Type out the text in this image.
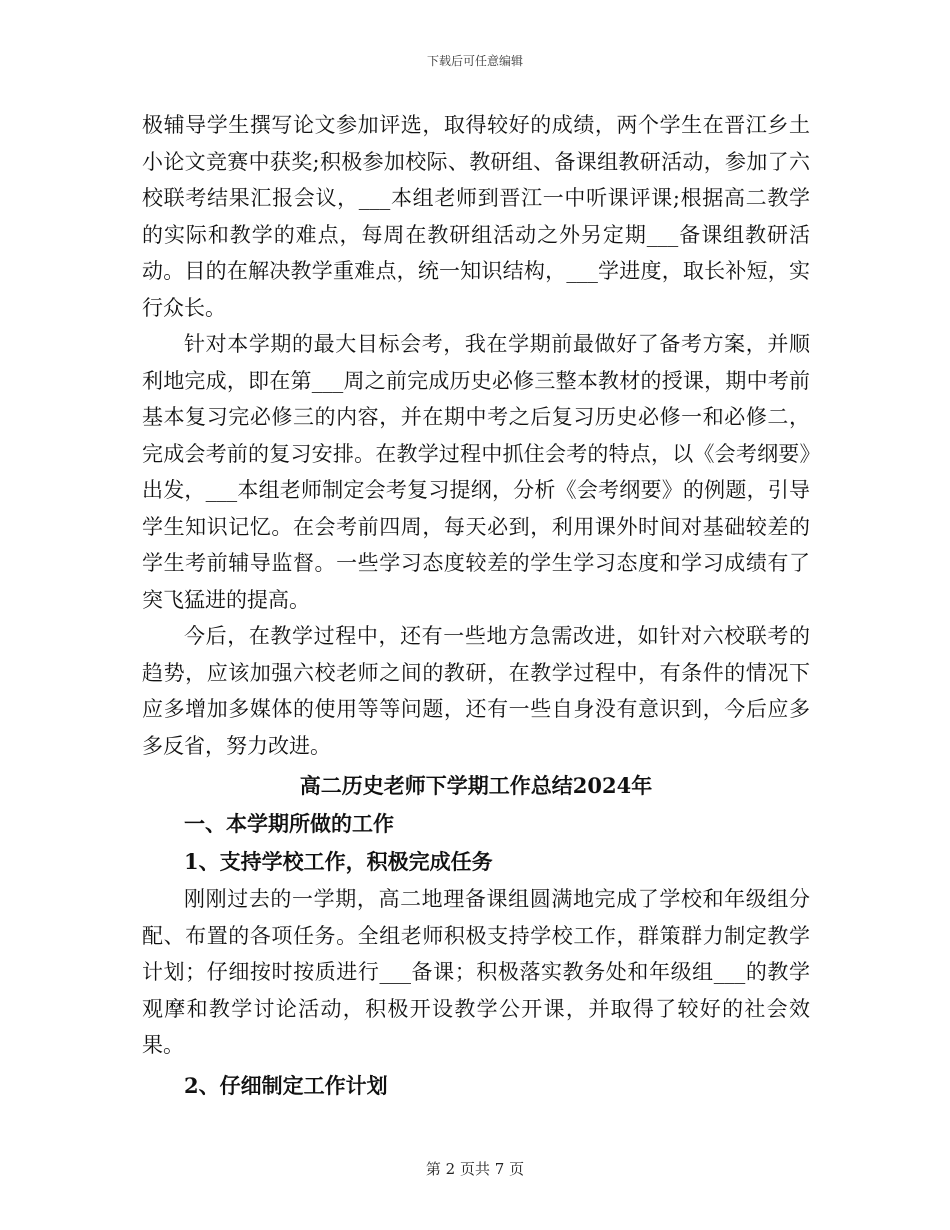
下载后可任意编辑

极辅导学生撰写论文参加评选，取得较好的成绩，两个学生在晋江乡土小论文竞赛中获奖;积极参加校际、教研组、备课组教研活动，参加了六校联考结果汇报会议，___本组老师到晋江一中听课评课;根据高二教学的实际和教学的难点，每周在教研组活动之外另定期___备课组教研活动。目的在解决教学重难点，统一知识结构，___学进度，取长补短，实行众长。

针对本学期的最大目标会考，我在学期前最做好了备考方案，并顺利地完成，即在第___周之前完成历史必修三整本教材的授课，期中考前基本复习完必修三的内容，并在期中考之后复习历史必修一和必修二，完成会考前的复习安排。在教学过程中抓住会考的特点，以《会考纲要》出发，___本组老师制定会考复习提纲，分析《会考纲要》的例题，引导学生知识记忆。在会考前四周，每天必到，利用课外时间对基础较差的学生考前辅导监督。一些学习态度较差的学生学习态度和学习成绩有了突飞猛进的提高。

今后，在教学过程中，还有一些地方急需改进，如针对六校联考的趋势，应该加强六校老师之间的教研，在教学过程中，有条件的情况下应多增加多媒体的使用等等问题，还有一些自身没有意识到，今后应多多反省，努力改进。

高二历史老师下学期工作总结2024年
一、本学期所做的工作
1、支持学校工作，积极完成任务

刚刚过去的一学期，高二地理备课组圆满地完成了学校和年级组分配、布置的各项任务。全组老师积极支持学校工作，群策群力制定教学计划；仔细按时按质进行___备课；积极落实教务处和年级组___的教学观摩和教学讨论活动，积极开设教学公开课，并取得了较好的社会效果。

2、仔细制定工作计划
第 2 页共 7 页
